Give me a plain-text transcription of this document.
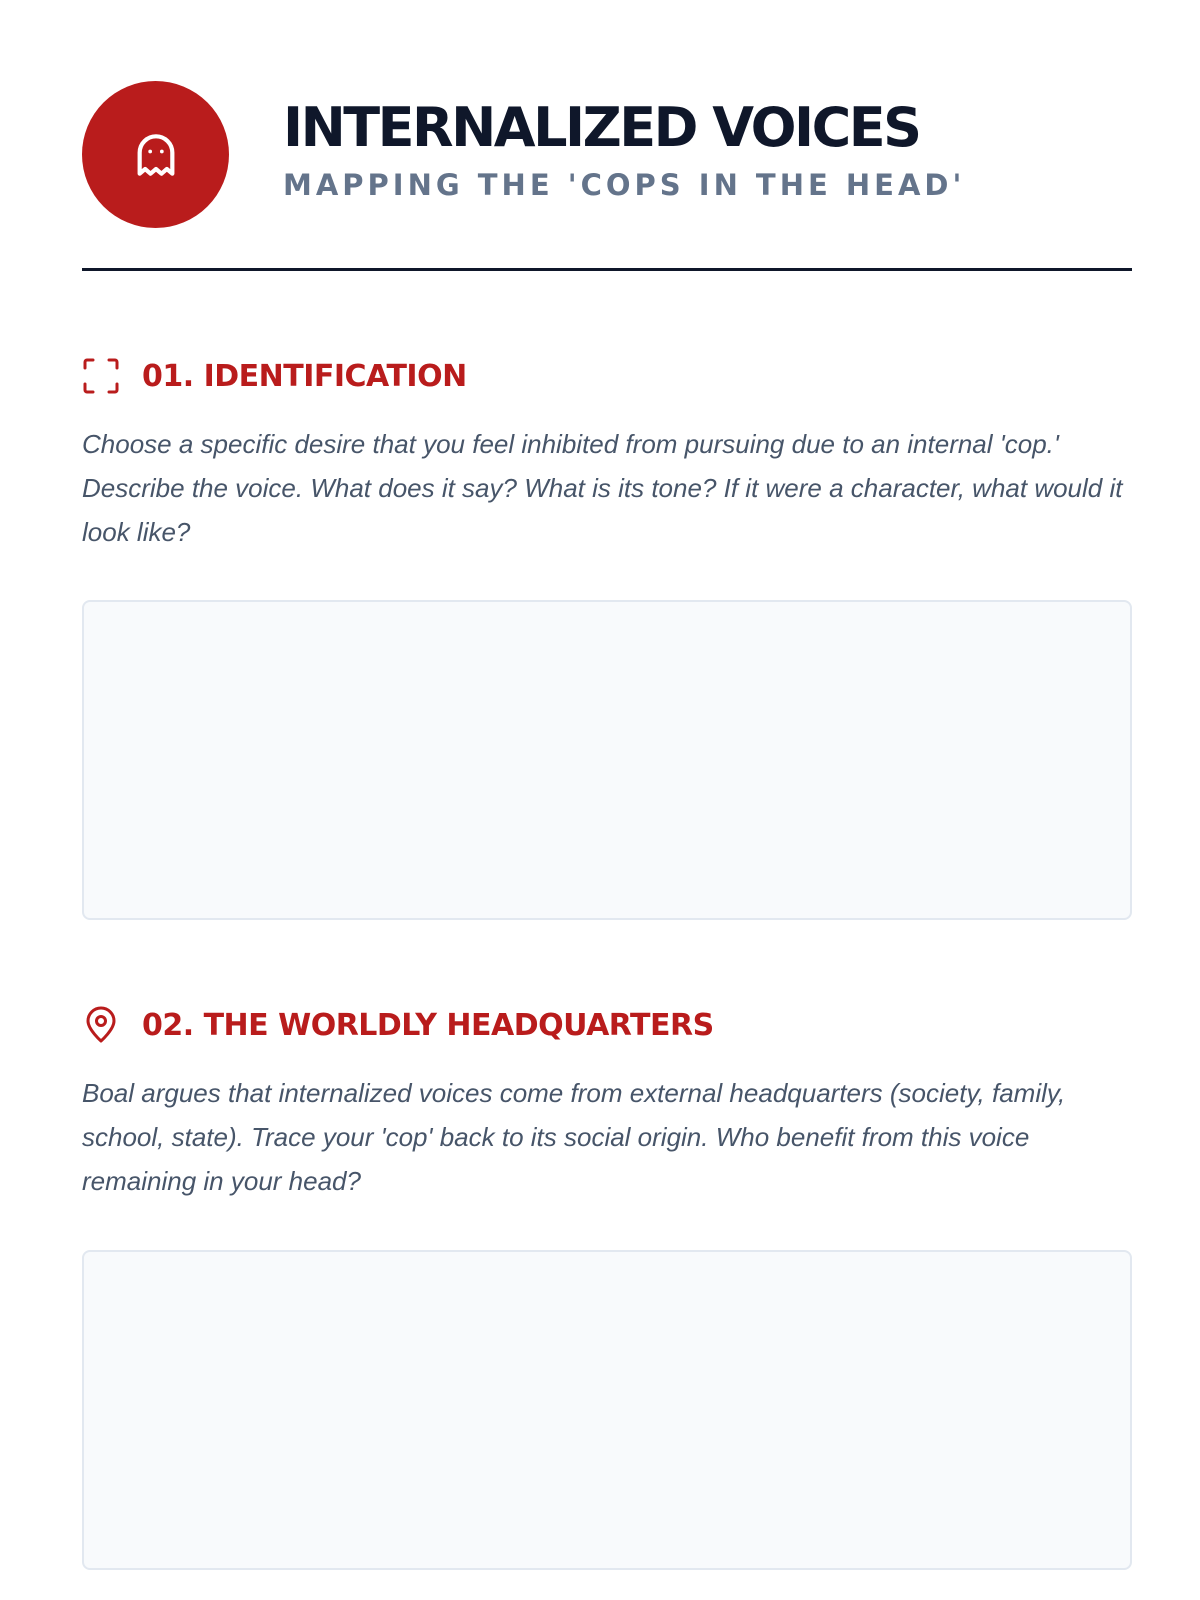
INTERNALIZED VOICES
MAPPING THE 'COPS IN THE HEAD'
01. IDENTIFICATION

Choose a specific desire that you feel inhibited from pursuing due to an internal 'cop.' Describe the voice. What does it say? What is its tone? If it were a character, what would it look like?

02. THE WORLDLY HEADQUARTERS

Boal argues that internalized voices come from external headquarters (society, family, school, state). Trace your 'cop' back to its social origin. Who benefit from this voice remaining in your head?
